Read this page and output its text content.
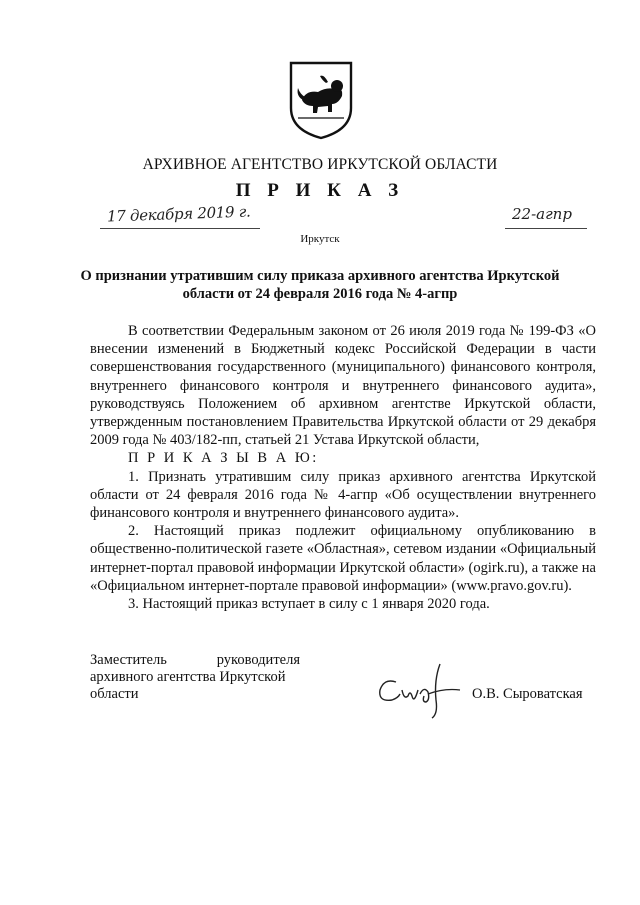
АРХИВНОЕ АГЕНТСТВО ИРКУТСКОЙ ОБЛАСТИ
П Р И К А З
17 декабря 2019 г.	22-агпр
Иркутск
О признании утратившим силу приказа архивного агентства Иркутской
области от 24 февраля 2016 года № 4-агпр

В соответствии Федеральным законом от 26 июля 2019 года № 199-ФЗ «О внесении изменений в Бюджетный кодекс Российской Федерации в части совершенствования государственного (муниципального) финансового контроля, внутреннего финансового контроля и внутреннего финансового аудита», руководствуясь Положением об архивном агентстве Иркутской области, утвержденным постановлением Правительства Иркутской области от 29 декабря 2009 года № 403/182-пп, статьей 21 Устава Иркутской области,

П Р И К А З Ы В А Ю:

1. Признать утратившим силу приказ архивного агентства Иркутской области от 24 февраля 2016 года № 4-агпр «Об осуществлении внутреннего финансового контроля и внутреннего финансового аудита».

2. Настоящий приказ подлежит официальному опубликованию в общественно-политической газете «Областная», сетевом издании «Официальный интернет-портал правовой информации Иркутской области» (ogirk.ru), а также на «Официальном интернет-портале правовой информации» (www.pravo.gov.ru).

3. Настоящий приказ вступает в силу с 1 января 2020 года.

Заместитель	руководителя
архивного агентства Иркутской
области	О.В. Сыроватская
